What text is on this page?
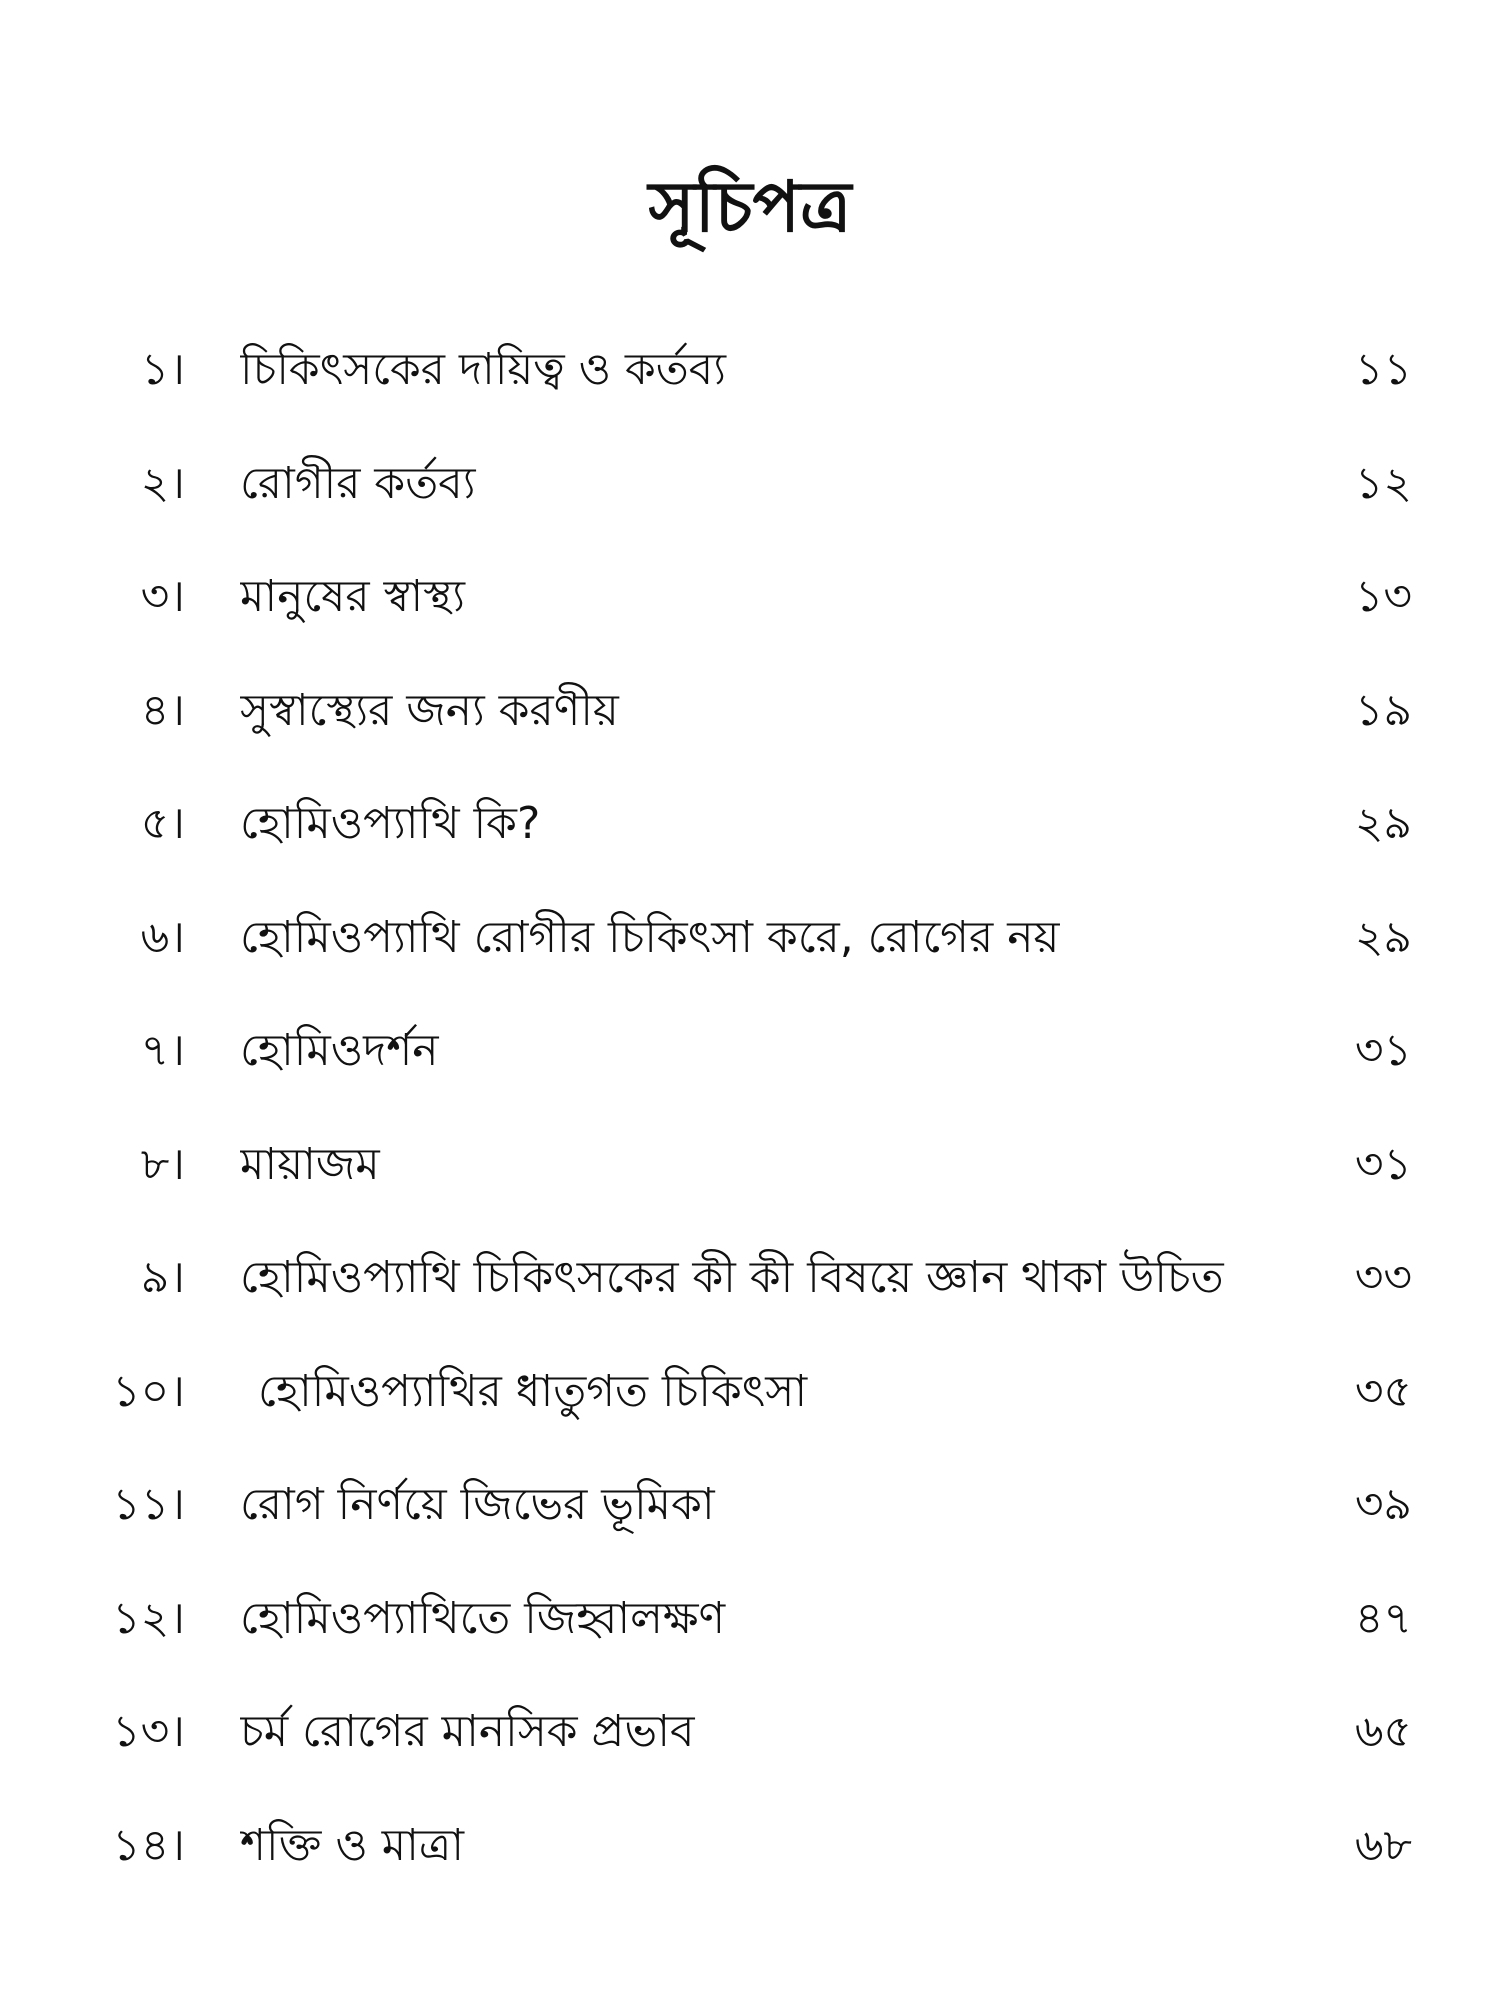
সূচিপত্র
১। চিকিৎসকের দায়িত্ব ও কর্তব্য	১১
২। রোগীর কর্তব্য	১২
৩। মানুষের স্বাস্থ্য	১৩
৪। সুস্বাস্থ্যের জন্য করণীয়	১৯
৫। হোমিওপ্যাথি কি?	২৯
৬। হোমিওপ্যাথি রোগীর চিকিৎসা করে, রোগের নয়	২৯
৭। হোমিওদর্শন	৩১
৮। মায়াজম	৩১
৯। হোমিওপ্যাথি চিকিৎসকের কী কী বিষয়ে জ্ঞান থাকা উচিত	৩৩
১০। হোমিওপ্যাথির ধাতুগত চিকিৎসা	৩৫
১১। রোগ নির্ণয়ে জিভের ভূমিকা	৩৯
১২। হোমিওপ্যাথিতে জিহ্বালক্ষণ	৪৭
১৩। চর্ম রোগের মানসিক প্রভাব	৬৫
১৪। শক্তি ও মাত্রা	৬৮
